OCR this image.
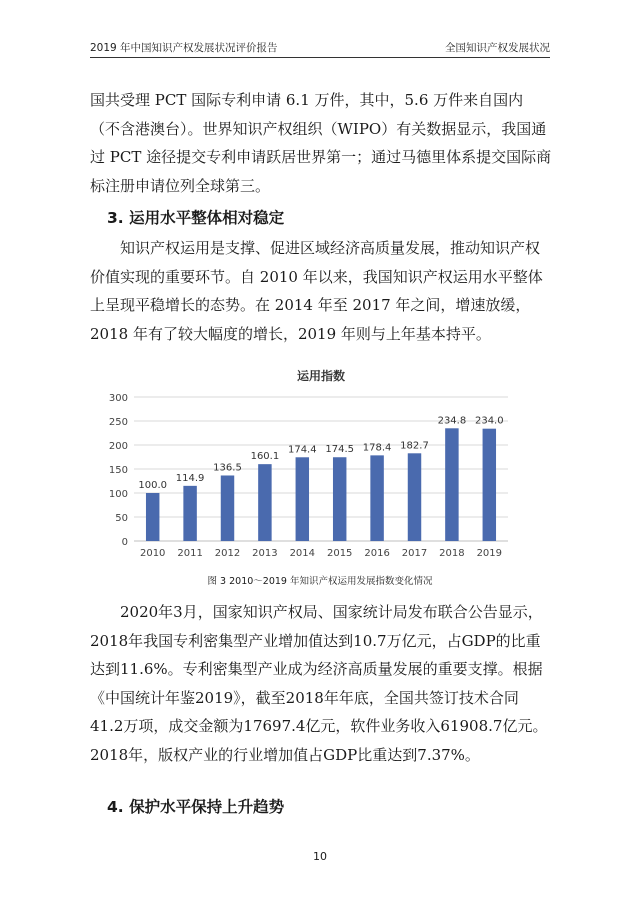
2019 年中国知识产权发展状况评价报告	全国知识产权发展状况

国共受理 PCT 国际专利申请 6.1 万件，其中，5.6 万件来自国内（不含港澳台）。世界知识产权组织（WIPO）有关数据显示，我国通过 PCT 途径提交专利申请跃居世界第一；通过马德里体系提交国际商标注册申请位列全球第三。

3. 运用水平整体相对稳定

知识产权运用是支撑、促进区域经济高质量发展，推动知识产权价值实现的重要环节。自 2010 年以来，我国知识产权运用水平整体上呈现平稳增长的态势。在 2014 年至 2017 年之间，增速放缓，2018 年有了较大幅度的增长，2019 年则与上年基本持平。

运用指数
0
50
100
150
200
250
300
100.0
2010
114.9
2011
136.5
2012
160.1
2013
174.4
2014
174.5
2015
178.4
2016
182.7
2017
234.8
2018
234.0
2019
图 3 2010～2019 年知识产权运用发展指数变化情况

2020年3月，国家知识产权局、国家统计局发布联合公告显示，2018年我国专利密集型产业增加值达到10.7万亿元，占GDP的比重达到11.6%。专利密集型产业成为经济高质量发展的重要支撑。根据《中国统计年鉴2019》，截至2018年年底，全国共签订技术合同41.2万项，成交金额为17697.4亿元，软件业务收入61908.7亿元。2018年，版权产业的行业增加值占GDP比重达到7.37%。

4. 保护水平保持上升趋势
10
